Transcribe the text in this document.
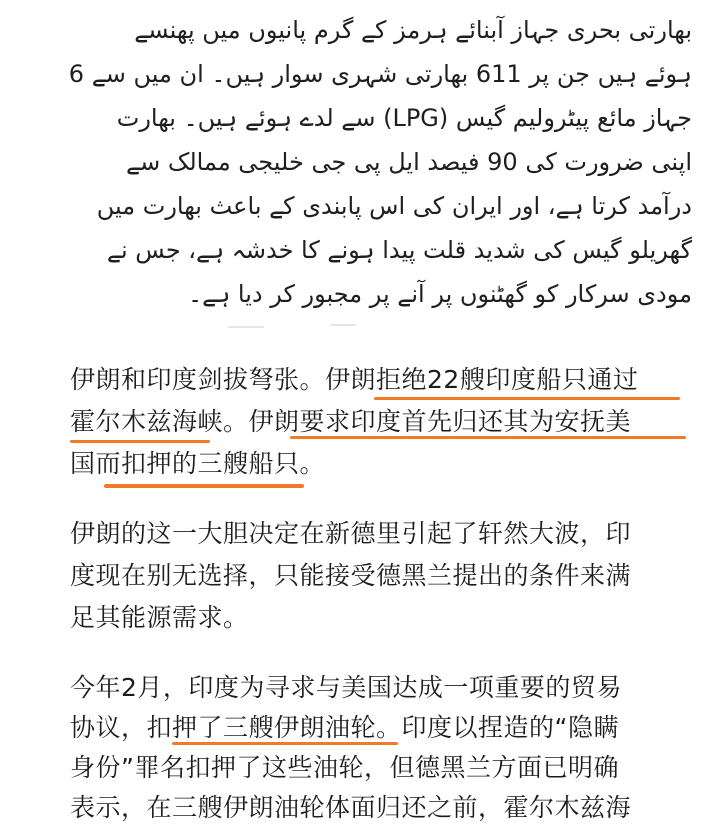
بھارتی بحری جہاز آبنائے ہرمز کے گرم پانیوں میں پھنسے
ہوئے ہیں جن پر 611 بھارتی شہری سوار ہیں۔ ان میں سے 6
جہاز مائع پیٹرولیم گیس (LPG) سے لدے ہوئے ہیں۔ بھارت
اپنی ضرورت کی 90 فیصد ایل پی جی خلیجی ممالک سے
درآمد کرتا ہے، اور ایران کی اس پابندی کے باعث بھارت میں
گھریلو گیس کی شدید قلت پیدا ہونے کا خدشہ ہے، جس نے
مودی سرکار کو گھٹنوں پر آنے پر مجبور کر دیا ہے۔
伊朗和印度剑拔弩张。伊朗拒绝22艘印度船只通过
霍尔木兹海峡。伊朗要求印度首先归还其为安抚美
国而扣押的三艘船只。
伊朗的这一大胆决定在新德里引起了轩然大波，印
度现在别无选择，只能接受德黑兰提出的条件来满
足其能源需求。
今年2月，印度为寻求与美国达成一项重要的贸易
协议，扣押了三艘伊朗油轮。印度以捏造的“隐瞒
身份”罪名扣押了这些油轮，但德黑兰方面已明确
表示，在三艘伊朗油轮体面归还之前，霍尔木兹海
